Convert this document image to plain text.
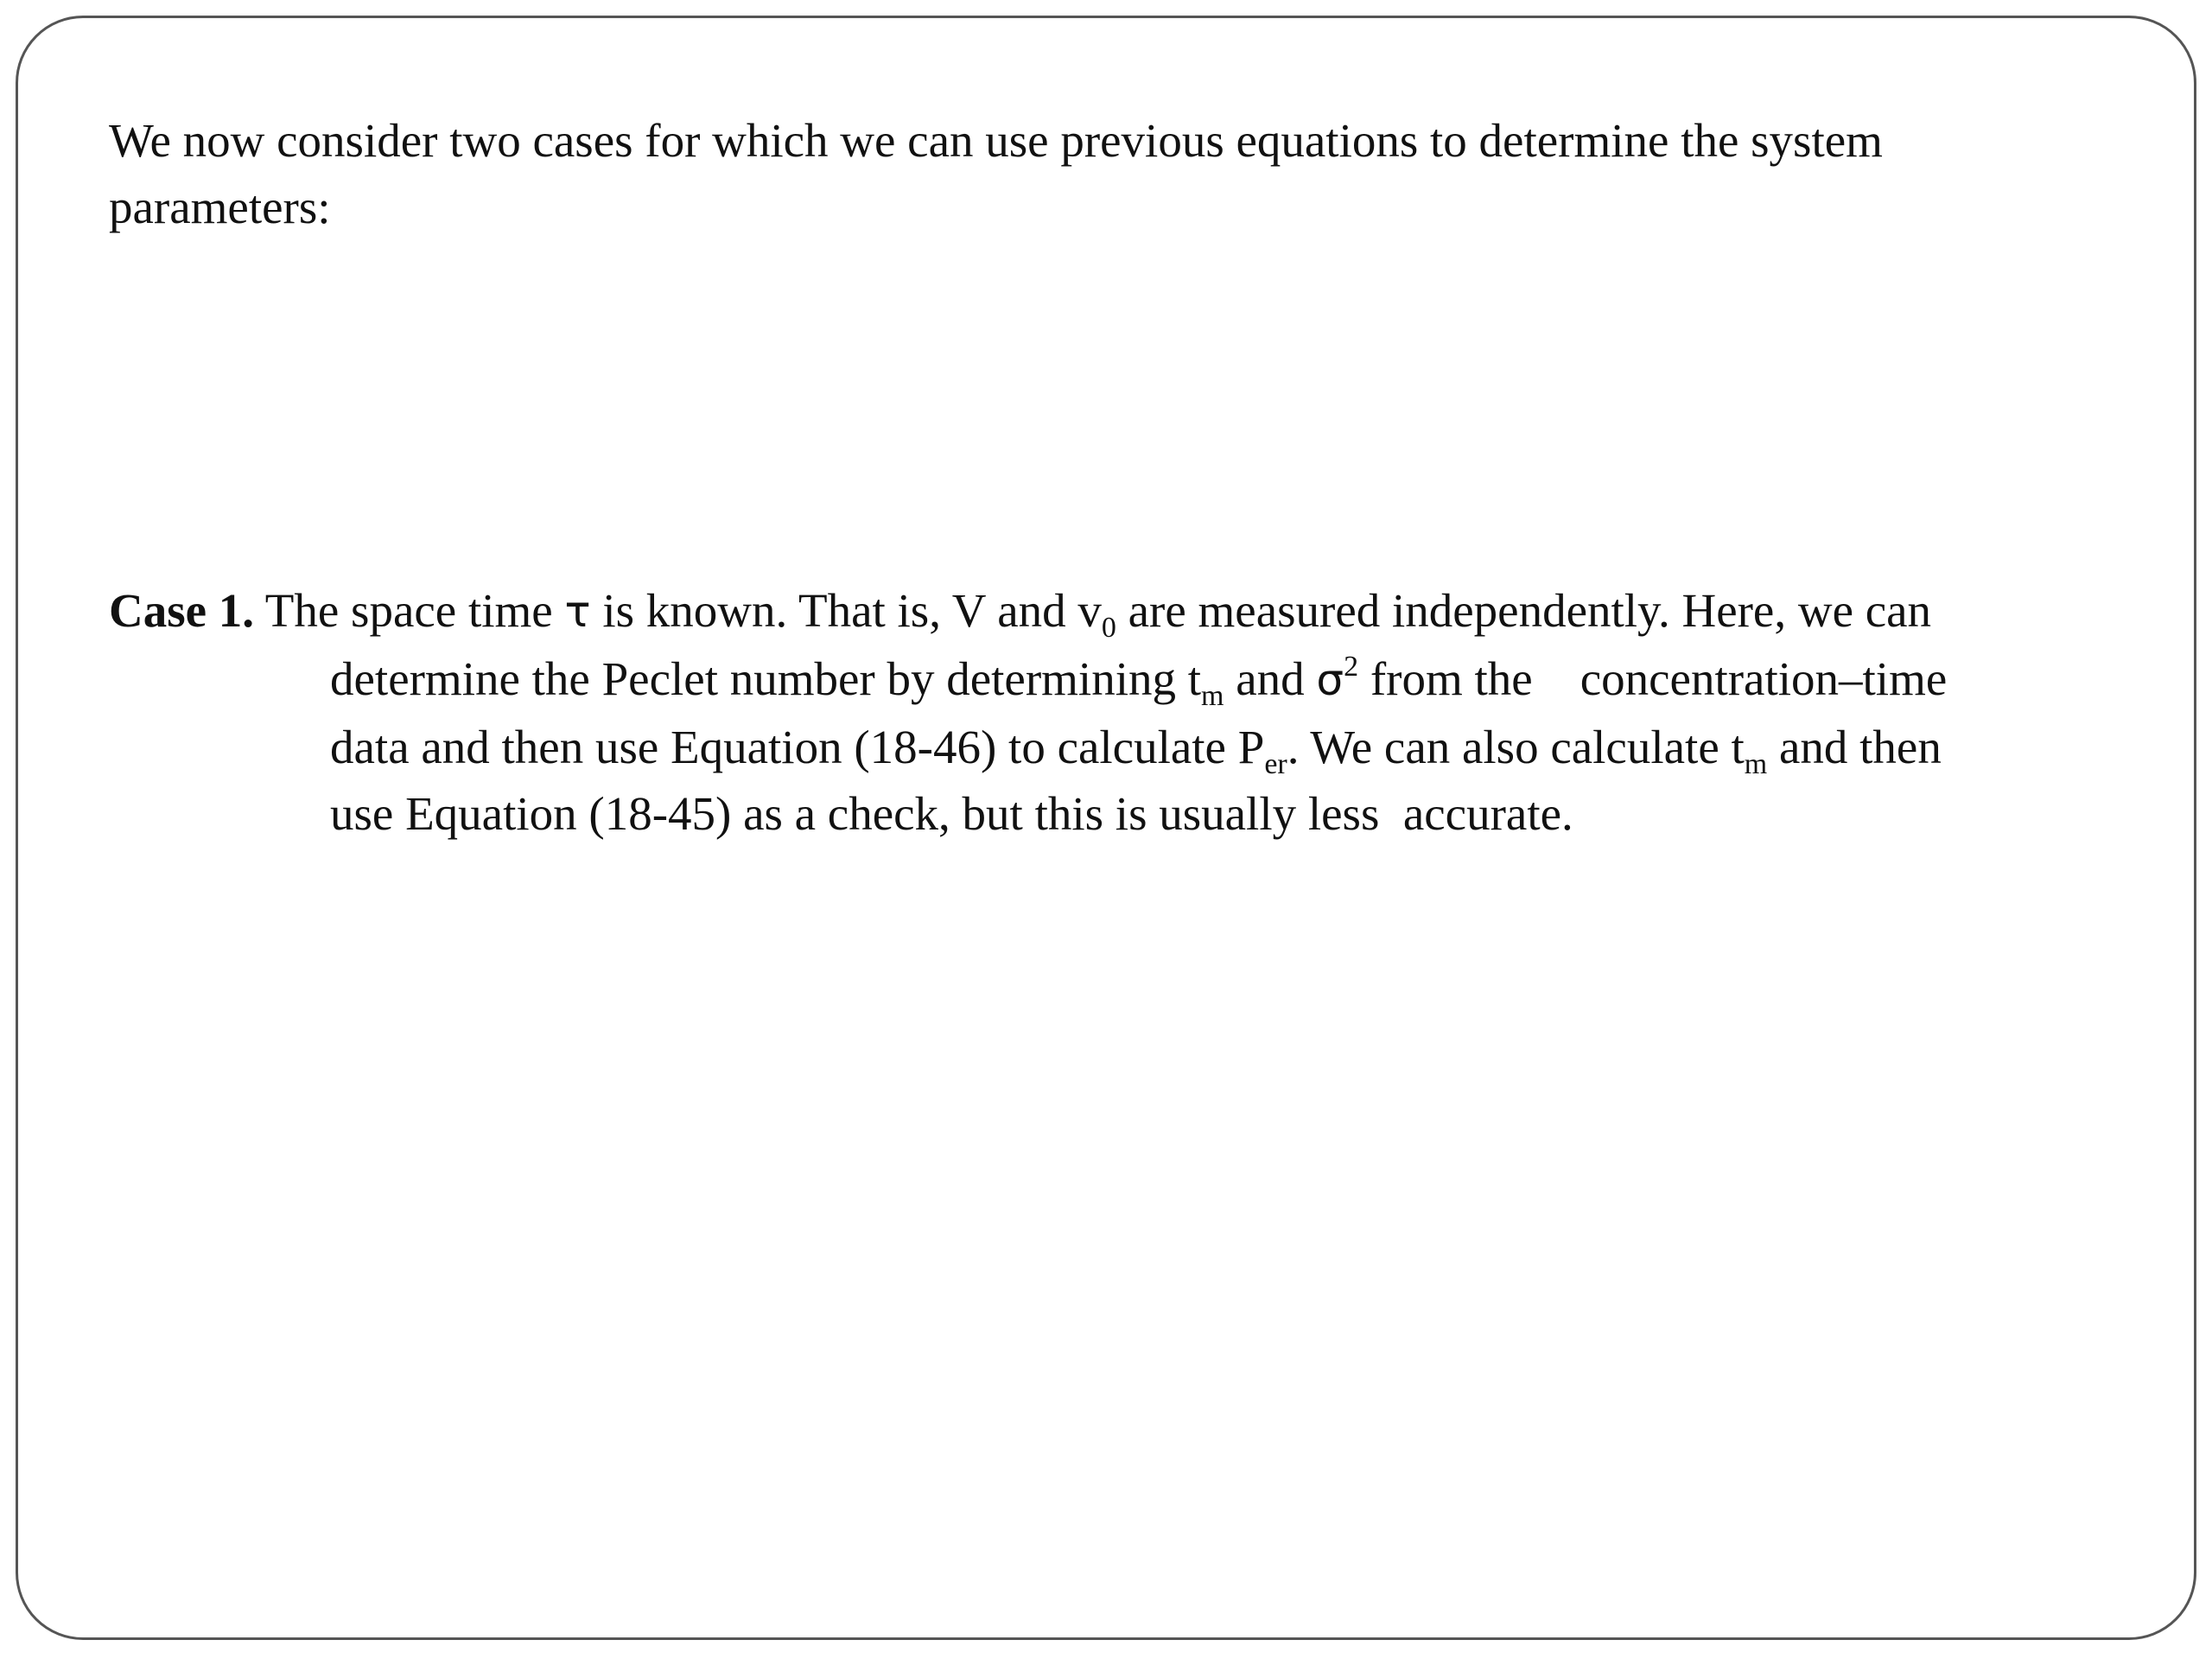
We now consider two cases for which we can use previous equations to determine the system parameters:

Case 1. The space time τ is known. That is, V and $v_0$ are measured independently. Here, we can
determine the Peclet number by determining $t_m$ and $\sigma^2$ from the    concentration–time
data and then use Equation (18-46) to calculate $P_{er}$. We can also calculate $t_m$ and then
use Equation (18-45) as a check, but this is usually less  accurate.
